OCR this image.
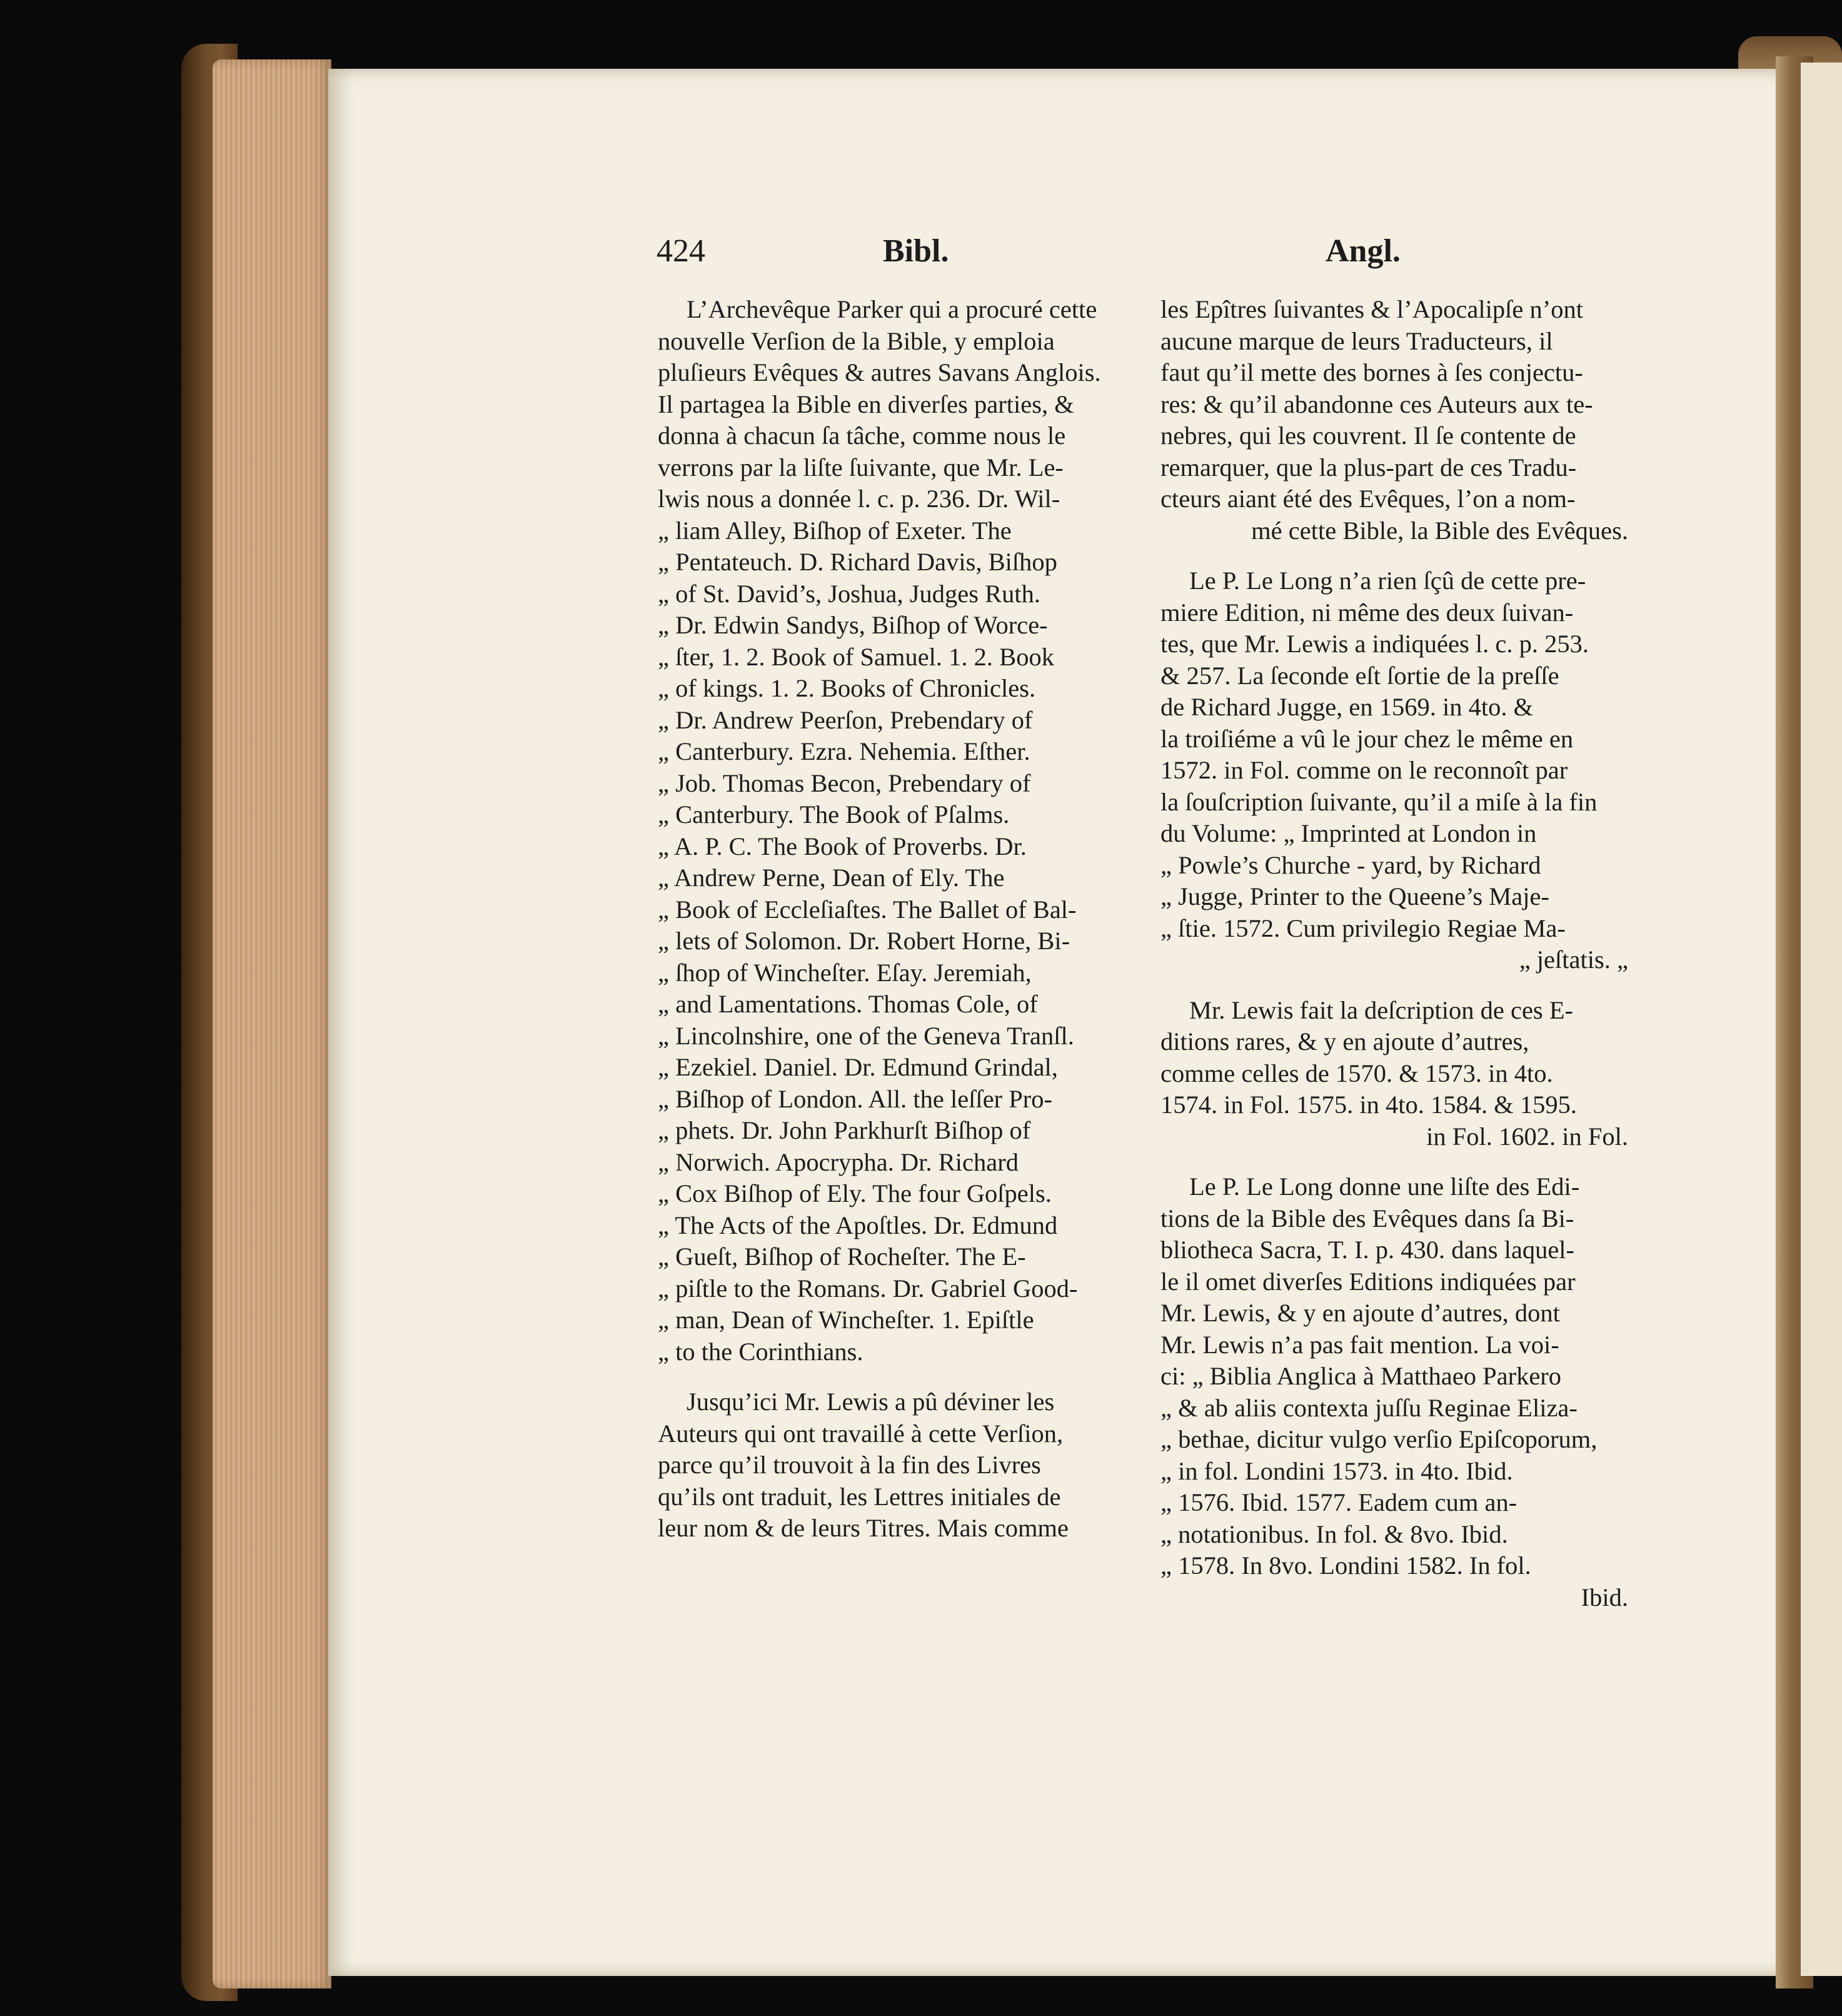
424	Bibl.	Angl.
L’Archevêque Parker qui a procuré cette
nouvelle Verſion de la Bible, y emploia
pluſieurs Evêques & autres Savans Anglois.
Il partagea la Bible en diverſes parties, &
donna à chacun ſa tâche, comme nous le
verrons par la liſte ſuivante, que Mr. Le-
lwis nous a donnée l. c. p. 236. Dr. Wil-
„ liam Alley, Biſhop of Exeter. The
„ Pentateuch. D. Richard Davis, Biſhop
„ of St. David’s, Joshua, Judges Ruth.
„ Dr. Edwin Sandys, Biſhop of Worce-
„ ſter, 1. 2. Book of Samuel. 1. 2. Book
„ of kings. 1. 2. Books of Chronicles.
„ Dr. Andrew Peerſon, Prebendary of
„ Canterbury. Ezra. Nehemia. Eſther.
„ Job. Thomas Becon, Prebendary of
„ Canterbury. The Book of Pſalms.
„ A. P. C. The Book of Proverbs. Dr.
„ Andrew Perne, Dean of Ely. The
„ Book of Eccleſiaſtes. The Ballet of Bal-
„ lets of Solomon. Dr. Robert Horne, Bi-
„ ſhop of Wincheſter. Eſay. Jeremiah,
„ and Lamentations. Thomas Cole, of
„ Lincolnshire, one of the Geneva Tranſl.
„ Ezekiel. Daniel. Dr. Edmund Grindal,
„ Biſhop of London. All. the leſſer Pro-
„ phets. Dr. John Parkhurſt Biſhop of
„ Norwich. Apocrypha. Dr. Richard
„ Cox Biſhop of Ely. The four Goſpels.
„ The Acts of the Apoſtles. Dr. Edmund
„ Gueſt, Biſhop of Rocheſter. The E-
„ piſtle to the Romans. Dr. Gabriel Good-
„ man, Dean of Wincheſter. 1. Epiſtle
„ to the Corinthians.
Jusqu’ici Mr. Lewis a pû déviner les
Auteurs qui ont travaillé à cette Verſion,
parce qu’il trouvoit à la fin des Livres
qu’ils ont traduit, les Lettres initiales de
leur nom & de leurs Titres. Mais comme
les Epîtres ſuivantes & l’Apocalipſe n’ont
aucune marque de leurs Traducteurs, il
faut qu’il mette des bornes à ſes conjectu-
res: & qu’il abandonne ces Auteurs aux te-
nebres, qui les couvrent. Il ſe contente de
remarquer, que la plus-part de ces Tradu-
cteurs aiant été des Evêques, l’on a nom-
mé cette Bible, la Bible des Evêques.
Le P. Le Long n’a rien ſçû de cette pre-
miere Edition, ni même des deux ſuivan-
tes, que Mr. Lewis a indiquées l. c. p. 253.
& 257. La ſeconde eſt ſortie de la preſſe
de Richard Jugge, en 1569. in 4to. &
la troiſiéme a vû le jour chez le même en
1572. in Fol. comme on le reconnoît par
la ſouſcription ſuivante, qu’il a miſe à la fin
du Volume: „ Imprinted at London in
„ Powle’s Churche - yard, by Richard
„ Jugge, Printer to the Queene’s Maje-
„ ſtie. 1572. Cum privilegio Regiae Ma-
„ jeſtatis. „
Mr. Lewis fait la deſcription de ces E-
ditions rares, & y en ajoute d’autres,
comme celles de 1570. & 1573. in 4to.
1574. in Fol. 1575. in 4to. 1584. & 1595.
in Fol. 1602. in Fol.
Le P. Le Long donne une liſte des Edi-
tions de la Bible des Evêques dans ſa Bi-
bliotheca Sacra, T. I. p. 430. dans laquel-
le il omet diverſes Editions indiquées par
Mr. Lewis, & y en ajoute d’autres, dont
Mr. Lewis n’a pas fait mention. La voi-
ci: „ Biblia Anglica à Matthaeo Parkero
„ & ab aliis contexta juſſu Reginae Eliza-
„ bethae, dicitur vulgo verſio Epiſcoporum,
„ in fol. Londini 1573. in 4to. Ibid.
„ 1576. Ibid. 1577. Eadem cum an-
„ notationibus. In fol. & 8vo. Ibid.
„ 1578. In 8vo. Londini 1582. In fol.
Ibid.
